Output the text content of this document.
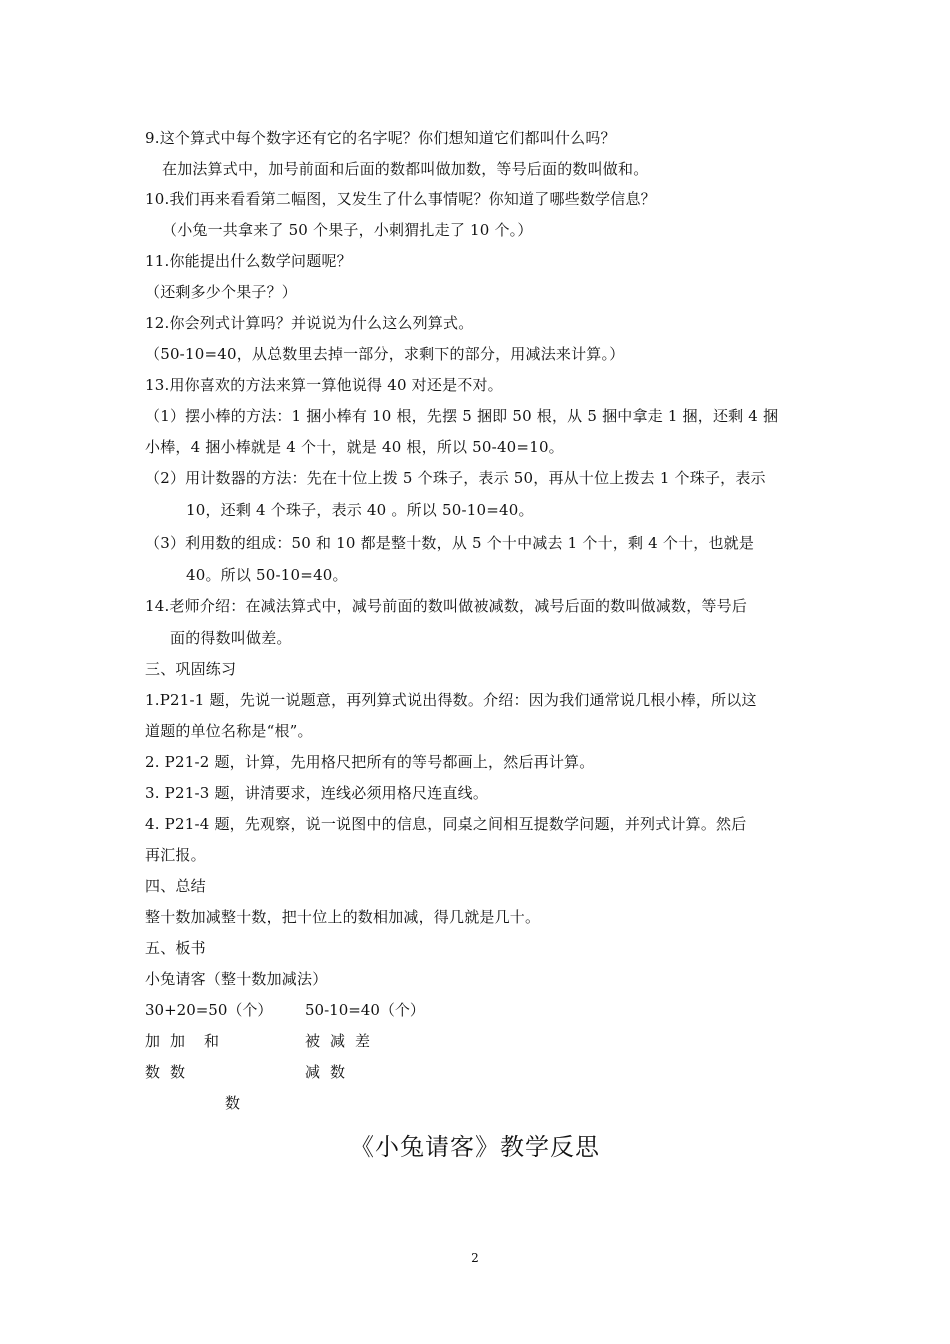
9.这个算式中每个数字还有它的名字呢？你们想知道它们都叫什么吗？
在加法算式中，加号前面和后面的数都叫做加数，等号后面的数叫做和。
10.我们再来看看第二幅图，又发生了什么事情呢？你知道了哪些数学信息？
（小兔一共拿来了 50 个果子，小刺猬扎走了 10 个。）
11.你能提出什么数学问题呢？
（还剩多少个果子？）
12.你会列式计算吗？并说说为什么这么列算式。
（50-10=40，从总数里去掉一部分，求剩下的部分，用减法来计算。）
13.用你喜欢的方法来算一算他说得 40 对还是不对。
（1）摆小棒的方法：1 捆小棒有 10 根，先摆 5 捆即 50 根，从 5 捆中拿走 1 捆，还剩 4 捆
小棒，4 捆小棒就是 4 个十，就是 40 根，所以 50-40=10。
（2）用计数器的方法：先在十位上拨 5 个珠子，表示 50，再从十位上拨去 1 个珠子，表示
10，还剩 4 个珠子，表示 40 。所以 50-10=40。
（3）利用数的组成：50 和 10 都是整十数，从 5 个十中减去 1 个十，剩 4 个十，也就是
40。所以 50-10=40。
14.老师介绍：在减法算式中，减号前面的数叫做被减数，减号后面的数叫做减数，等号后
面的得数叫做差。
三、巩固练习
1.P21-1 题，先说一说题意，再列算式说出得数。介绍：因为我们通常说几根小棒，所以这
道题的单位名称是“根”。
2. P21-2 题，计算，先用格尺把所有的等号都画上，然后再计算。
3. P21-3 题，讲清要求，连线必须用格尺连直线。
4. P21-4 题，先观察，说一说图中的信息，同桌之间相互提数学问题，并列式计算。然后
再汇报。
四、总结
整十数加减整十数，把十位上的数相加减，得几就是几十。
五、板书
小兔请客（整十数加减法）
30+20=50（个） 50-10=40（个）
加 加 和	被 减 差
数 数	减 数
数
《小兔请客》教学反思
2
